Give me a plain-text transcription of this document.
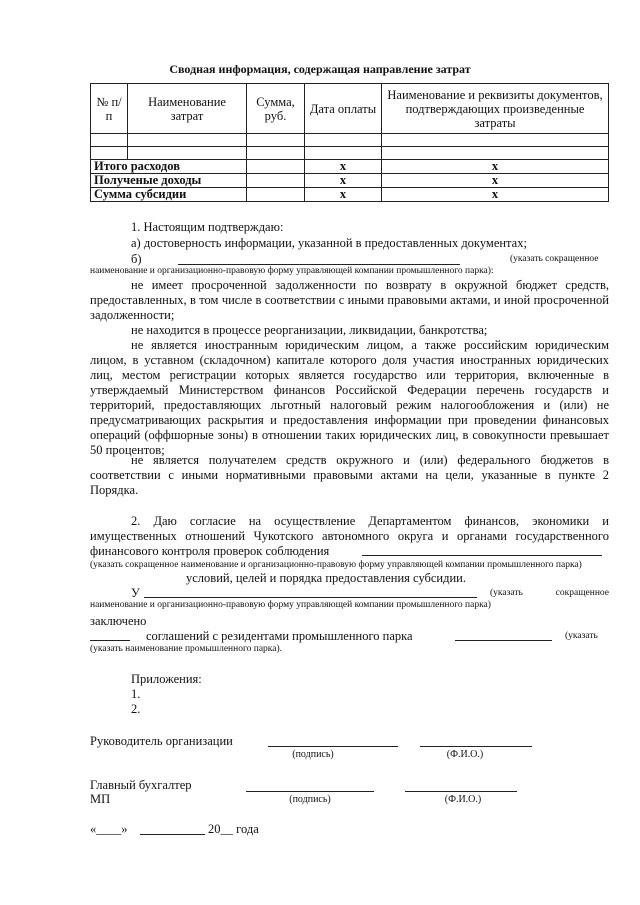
Сводная информация, содержащая направление затрат
№ п/п	Наименование затрат	Сумма, руб.	Дата оплаты	Наименование и реквизиты документов, подтверждающих произведенные затраты

Итого расходов			х	х
Полученые доходы			х	х
Сумма субсидии			х	х
1. Настоящим подтверждаю:
а) достоверность информации, указанной в предоставленных документах;
б)	(указать сокращенное
наименование и организационно-правовую форму управляющей компании промышленного парка):
не имеет просроченной задолженности по возврату в окружной бюджет средств, предоставленных, в том числе в соответствии с иными правовыми актами, и иной просроченной задолженности;
не находится в процессе реорганизации, ликвидации, банкротства;
не является иностранным юридическим лицом, а также российским юридическим лицом, в уставном (складочном) капитале которого доля участия иностранных юридических лиц, местом регистрации которых является государство или территория, включенные в утверждаемый Министерством финансов Российской Федерации перечень государств и территорий, предоставляющих льготный налоговый режим налогообложения и (или) не предусматривающих раскрытия и предоставления информации при проведении финансовых операций (оффшорные зоны) в отношении таких юридических лиц, в совокупности превышает 50 процентов;
не является получателем средств окружного и (или) федерального бюджетов в соответствии с иными нормативными правовыми актами на цели, указанные в пункте 2 Порядка.
2. Даю согласие на осуществление Департаментом финансов, экономики и имущественных отношений Чукотского автономного округа и органами государственного финансового контроля проверок соблюдения
(указать сокращенное наименование и организационно-правовую форму управляющей компании промышленного парка)
условий, целей и порядка предоставления субсидии.
У	(указать сокращенное наименование и организационно-правовую форму управляющей компании промышленного парка)
заключено
соглашений с резидентами промышленного парка	(указать
(указать наименование промышленного парка).
Приложения:
1.
2.
Руководитель организации
(подпись)	(Ф.И.О.)
Главный бухгалтер
МП	(подпись)	(Ф.И.О.)
«____»	20__ года
